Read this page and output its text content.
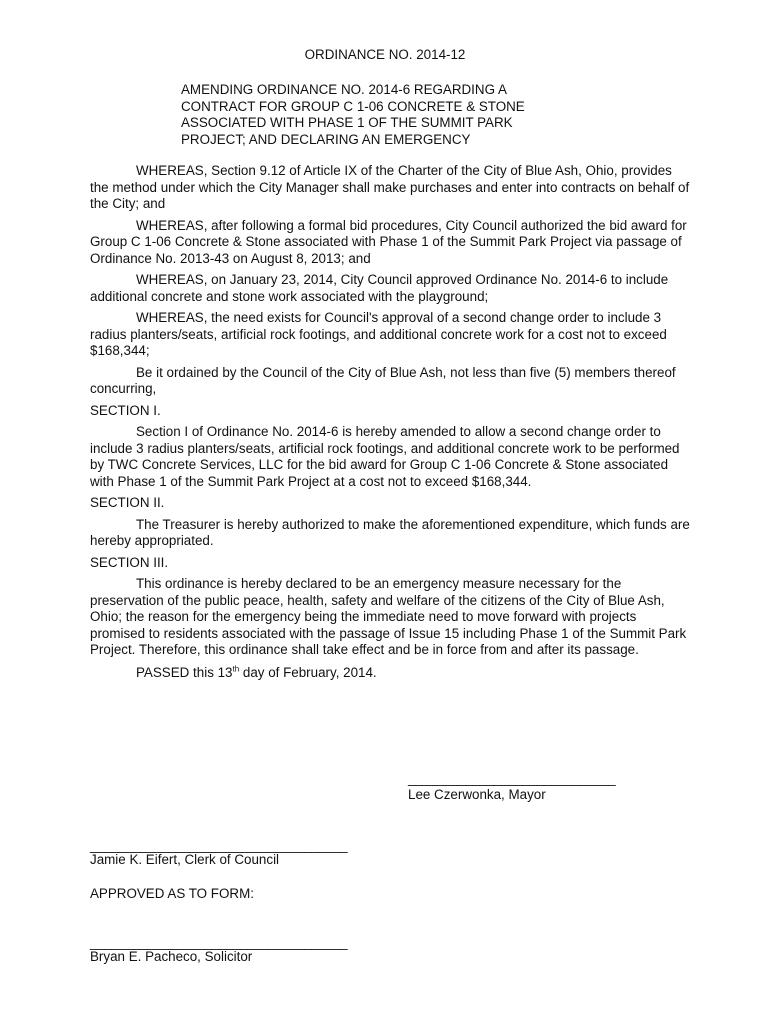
ORDINANCE NO. 2014-12
AMENDING ORDINANCE NO. 2014-6 REGARDING A
CONTRACT FOR GROUP C 1-06 CONCRETE & STONE
ASSOCIATED WITH PHASE 1 OF THE SUMMIT PARK
PROJECT; AND DECLARING AN EMERGENCY

WHEREAS, Section 9.12 of Article IX of the Charter of the City of Blue Ash, Ohio, provides the method under which the City Manager shall make purchases and enter into contracts on behalf of the City; and

WHEREAS, after following a formal bid procedures, City Council authorized the bid award for Group C 1-06 Concrete & Stone associated with Phase 1 of the Summit Park Project via passage of Ordinance No. 2013-43 on August 8, 2013; and

WHEREAS, on January 23, 2014, City Council approved Ordinance No. 2014-6 to include additional concrete and stone work associated with the playground;

WHEREAS, the need exists for Council's approval of a second change order to include 3 radius planters/seats, artificial rock footings, and additional concrete work for a cost not to exceed $168,344;

Be it ordained by the Council of the City of Blue Ash, not less than five (5) members thereof concurring,

SECTION I.

Section I of Ordinance No. 2014-6 is hereby amended to allow a second change order to include 3 radius planters/seats, artificial rock footings, and additional concrete work to be performed by TWC Concrete Services, LLC for the bid award for Group C 1-06 Concrete & Stone associated with Phase 1 of the Summit Park Project at a cost not to exceed $168,344.

SECTION II.

The Treasurer is hereby authorized to make the aforementioned expenditure, which funds are hereby appropriated.

SECTION III.

This ordinance is hereby declared to be an emergency measure necessary for the preservation of the public peace, health, safety and welfare of the citizens of the City of Blue Ash, Ohio; the reason for the emergency being the immediate need to move forward with projects promised to residents associated with the passage of Issue 15 including Phase 1 of the Summit Park Project. Therefore, this ordinance shall take effect and be in force from and after its passage.

PASSED this 13th day of February, 2014.

_____________________________
Lee Czerwonka, Mayor
____________________________________
Jamie K. Eifert, Clerk of Council
APPROVED AS TO FORM:
____________________________________
Bryan E. Pacheco, Solicitor
